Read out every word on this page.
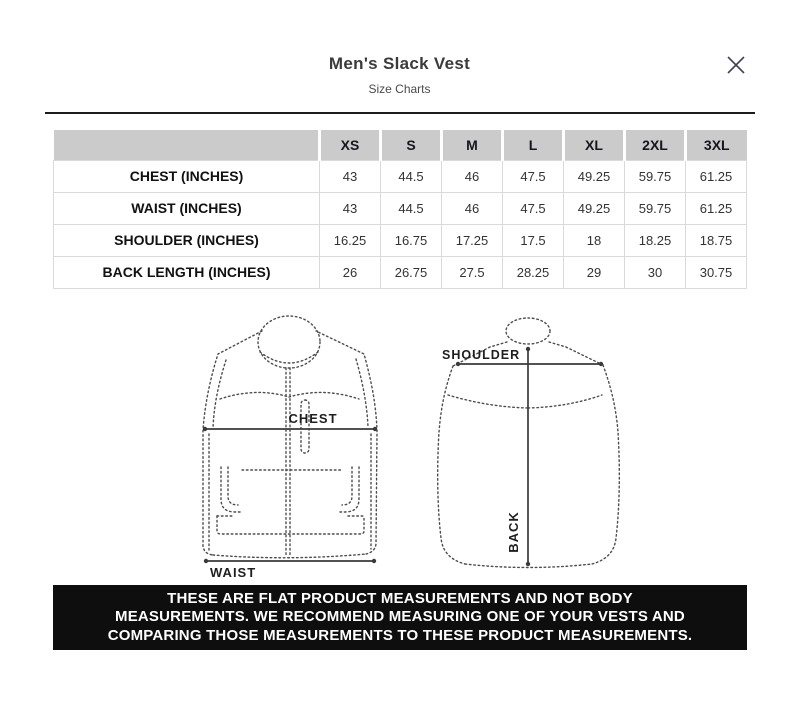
Men's Slack Vest
Size Charts
	XS	S	M	L	XL	2XL	3XL
CHEST (INCHES)	43	44.5	46	47.5	49.25	59.75	61.25
WAIST (INCHES)	43	44.5	46	47.5	49.25	59.75	61.25
SHOULDER (INCHES)	16.25	16.75	17.25	17.5	18	18.25	18.75
BACK LENGTH (INCHES)	26	26.75	27.5	28.25	29	30	30.75
CHEST
WAIST
SHOULDER
BACK
THESE ARE FLAT PRODUCT MEASUREMENTS AND NOT BODY MEASUREMENTS. WE RECOMMEND MEASURING ONE OF YOUR VESTS AND COMPARING THOSE MEASUREMENTS TO THESE PRODUCT MEASUREMENTS.
